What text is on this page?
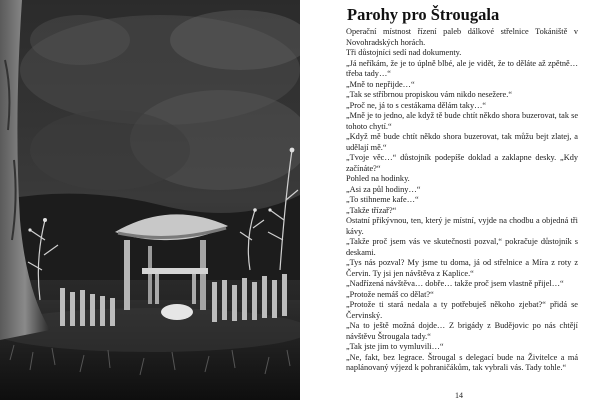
Parohy pro Štrougala

Operační místnost řízení paleb dálkové střelnice Tokániště v Novohradských horách.

Tři důstojníci sedí nad dokumenty.

„Já neříkám, že je to úplně blbé, ale je vidět, že to děláte až zpětně… třeba tady…“

„Mně to nepřijde…“

„Tak se stříbrnou propiskou vám nikdo nesežere.“

„Proč ne, já to s cestákama dělám taky…“

„Mně je to jedno, ale když tě bude chtít někdo shora buzerovat, tak se tohoto chytí.“

„Když mě bude chtít někdo shora buzerovat, tak můžu bejt zlatej, a udělají mě.“

„Tvoje věc…“ důstojník podepíše doklad a zaklapne desky. „Kdy začínáte?“

Pohled na hodinky.

„Asi za půl hodiny…“

„To stihneme kafe…“

„Takže třízař?“

Ostatní přikývnou, ten, který je místní, vyjde na chodbu a objedná tři kávy.

„Takže proč jsem vás ve skutečnosti pozval,“ pokračuje důstojník s deskami.

„Tys nás pozval? My jsme tu doma, já od střelnice a Míra z roty z Červin. Ty jsi jen návštěva z Kaplice.“

„Nadřízená návštěva… dobře… takže proč jsem vlastně přijel…“

„Protože nemáš co dělat?“

„Protože ti stará nedala a ty potřebuješ někoho zjebat?“ přidá se Červinský.

„Na to ještě možná dojde… Z brigády z Budějovic po nás chtějí návštěvu Štrougala tady.“

„Tak jste jim to vymluvili…“

„Ne, fakt, bez legrace. Štrougal s delegací bude na Živitelce a má naplánovaný výjezd k pohraničákům, tak vybrali vás. Tady tohle.“

14
